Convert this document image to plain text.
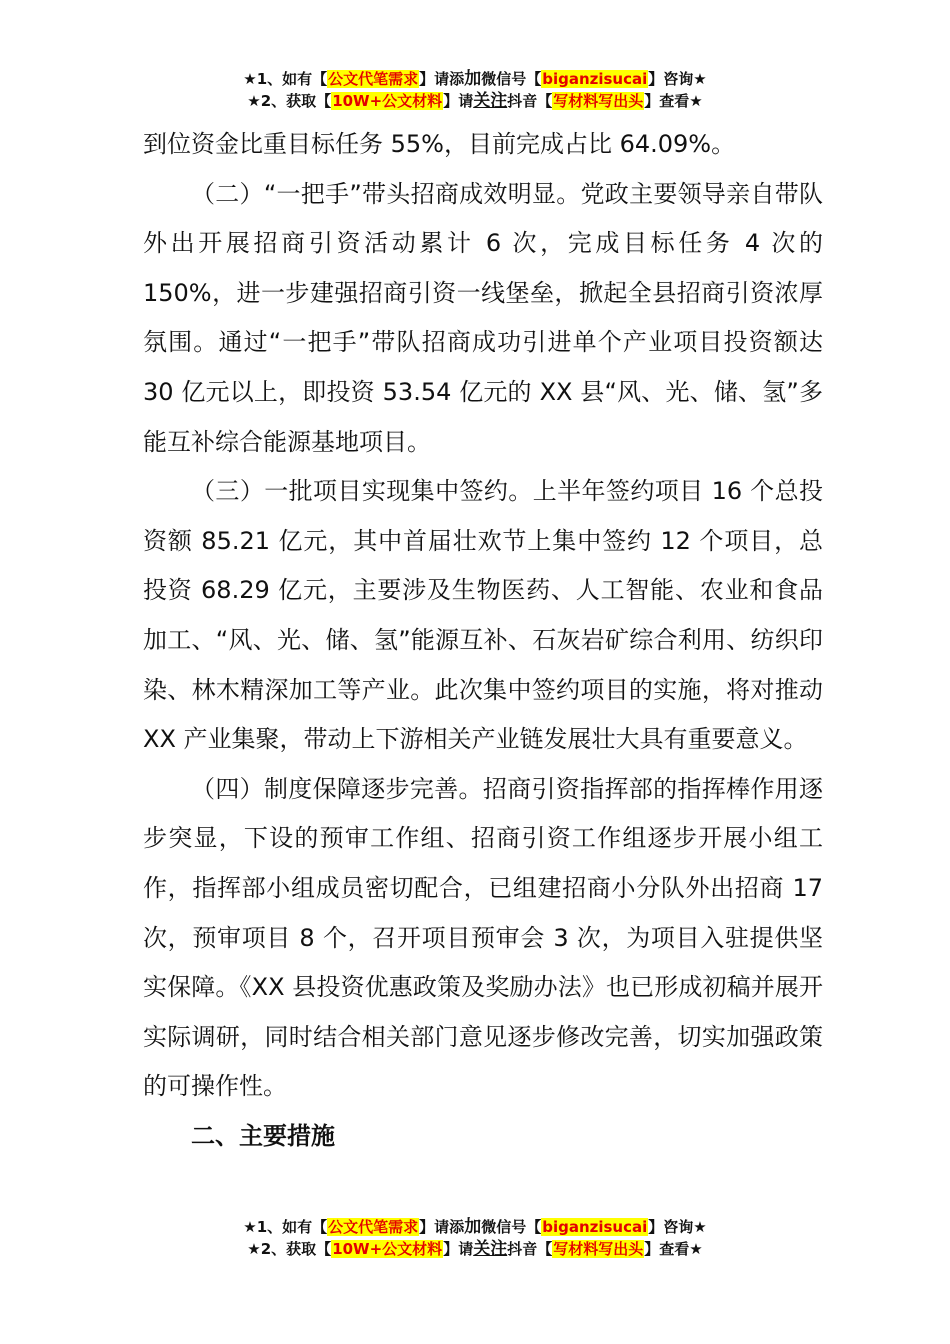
★1、如有【公文代笔需求】请添加微信号【biganzisucai】咨询★
★2、获取【10W+公文材料】请关注抖音【写材料写出头】查看★

到位资金比重目标任务 55%，目前完成占比 64.09%。

（二）“一把手”带头招商成效明显。党政主要领导亲自带队外出开展招商引资活动累计 6 次，完成目标任务 4 次的 150%，进一步建强招商引资一线堡垒，掀起全县招商引资浓厚氛围。通过“一把手”带队招商成功引进单个产业项目投资额达 30 亿元以上，即投资 53.54 亿元的 XX 县“风、光、储、氢”多能互补综合能源基地项目。

（三）一批项目实现集中签约。上半年签约项目 16 个总投资额 85.21 亿元，其中首届壮欢节上集中签约 12 个项目，总投资 68.29 亿元，主要涉及生物医药、人工智能、农业和食品加工、“风、光、储、氢”能源互补、石灰岩矿综合利用、纺织印染、林木精深加工等产业。此次集中签约项目的实施，将对推动 XX 产业集聚，带动上下游相关产业链发展壮大具有重要意义。

（四）制度保障逐步完善。招商引资指挥部的指挥棒作用逐步突显，下设的预审工作组、招商引资工作组逐步开展小组工作，指挥部小组成员密切配合，已组建招商小分队外出招商 17 次，预审项目 8 个，召开项目预审会 3 次，为项目入驻提供坚实保障。《XX 县投资优惠政策及奖励办法》也已形成初稿并展开实际调研，同时结合相关部门意见逐步修改完善，切实加强政策的可操作性。

二、主要措施

★1、如有【公文代笔需求】请添加微信号【biganzisucai】咨询★
★2、获取【10W+公文材料】请关注抖音【写材料写出头】查看★
